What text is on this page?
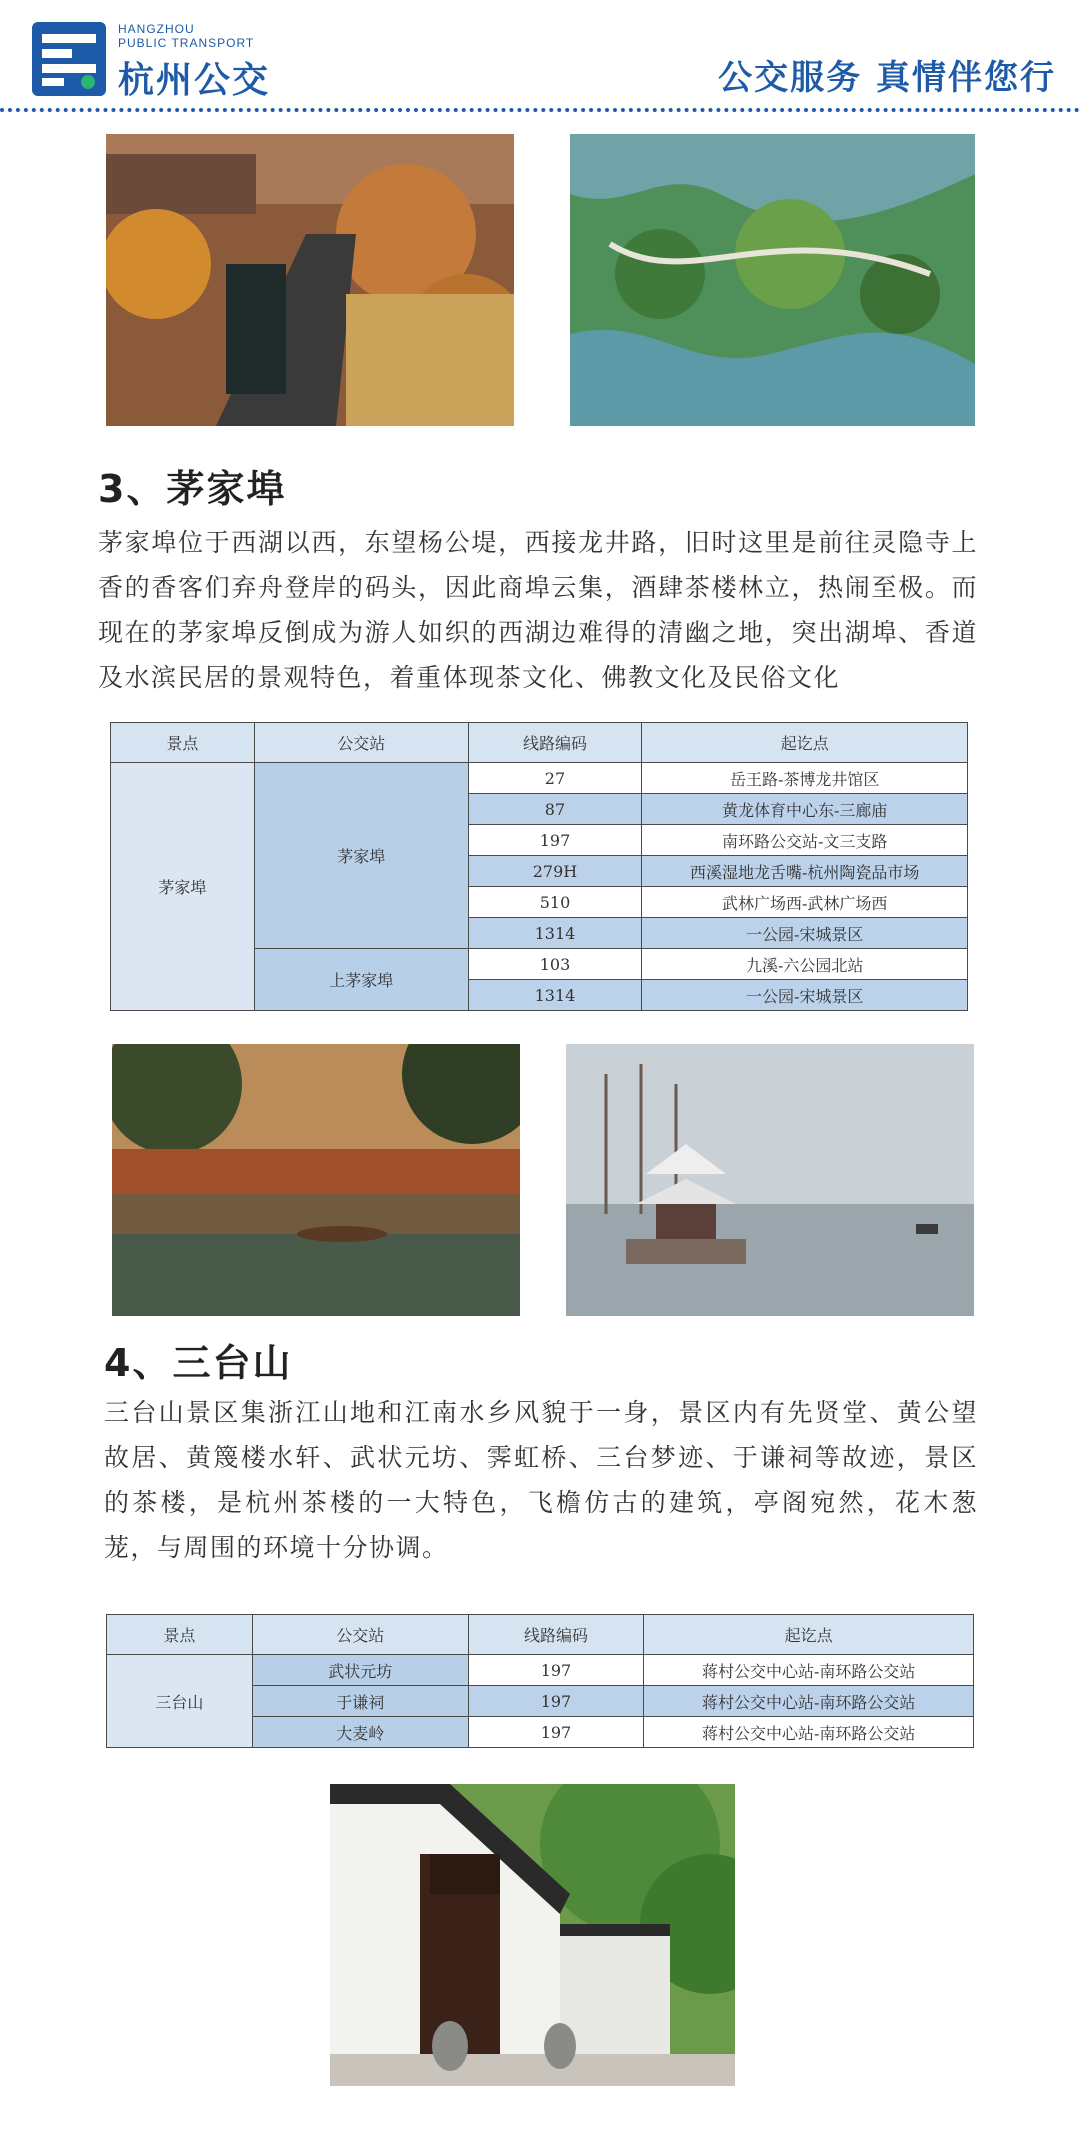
HANGZHOU
PUBLIC TRANSPORT
杭州公交	公交服务 真情伴您行
3、茅家埠
茅家埠位于西湖以西，东望杨公堤，西接龙井路，旧时这里是前往灵隐寺上香的香客们弃舟登岸的码头，因此商埠云集，酒肆茶楼林立，热闹至极。而现在的茅家埠反倒成为游人如织的西湖边难得的清幽之地，突出湖埠、香道及水滨民居的景观特色，着重体现茶文化、佛教文化及民俗文化
景点	公交站	线路编码	起讫点
茅家埠	茅家埠	27	岳王路-茶博龙井馆区
		87	黄龙体育中心东-三廊庙
		197	南环路公交站-文三支路
		279H	西溪湿地龙舌嘴-杭州陶瓷品市场
		510	武林广场西-武林广场西
		1314	一公园-宋城景区
	上茅家埠	103	九溪-六公园北站
		1314	一公园-宋城景区
4、三台山
三台山景区集浙江山地和江南水乡风貌于一身，景区内有先贤堂、黄公望故居、黄篾楼水轩、武状元坊、霁虹桥、三台梦迹、于谦祠等故迹，景区的茶楼，是杭州茶楼的一大特色，飞檐仿古的建筑，亭阁宛然，花木葱茏，与周围的环境十分协调。
景点	公交站	线路编码	起讫点
三台山	武状元坊	197	蒋村公交中心站-南环路公交站
	于谦祠	197	蒋村公交中心站-南环路公交站
	大麦岭	197	蒋村公交中心站-南环路公交站
